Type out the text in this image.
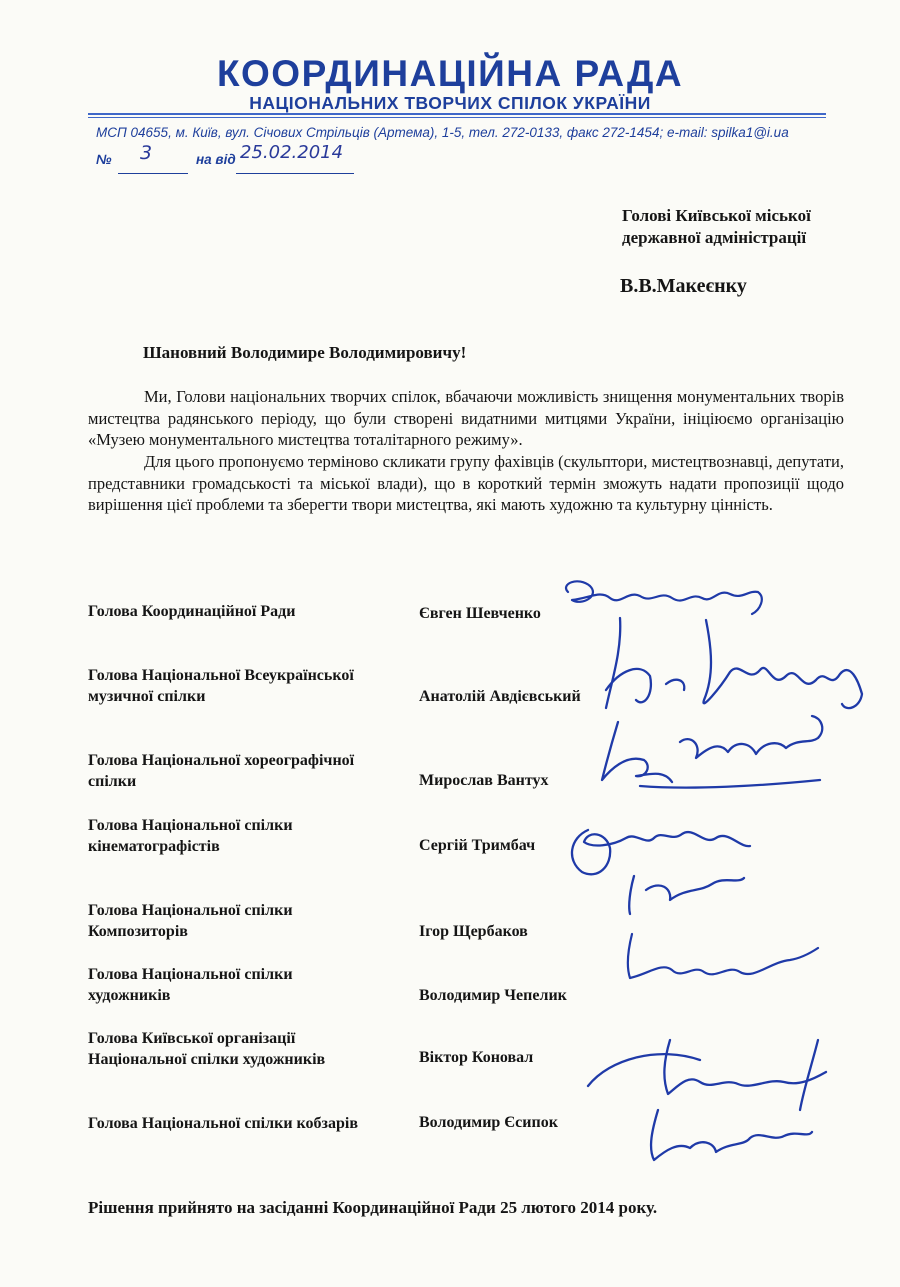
КООРДИНАЦІЙНА РАДА
НАЦІОНАЛЬНИХ ТВОРЧИХ СПІЛОК УКРАЇНИ
МСП 04655, м. Київ, вул. Січових Стрільців (Артема), 1-5, тел. 272-0133, факс 272-1454; e-mail: spilka1@i.ua
№ 3	на від 25.02.2014
Голові Київської міської
державної адміністрації
В.В.Макеєнку
Шановний Володимире Володимировичу!

Ми, Голови національних творчих спілок, вбачаючи можливість знищення монументальних творів мистецтва радянського періоду, що були створені видатними митцями України, ініціюємо організацію «Музею монументального мистецтва тоталітарного режиму».

Для цього пропонуємо терміново скликати групу фахівців (скульптори, мистецтвознавці, депутати, представники громадськості та міської влади), що в короткий термін зможуть надати пропозиції щодо вирішення цієї проблеми та зберегти твори мистецтва, які мають художню та культурну цінність.

Голова Координаційної Ради	Євген Шевченко
Голова Національної Всеукраїнської
музичної спілки	Анатолій Авдієвський
Голова Національної хореографічної
спілки	Мирослав Вантух
Голова Національної спілки
кінематографістів	Сергій Тримбач
Голова Національної спілки
Композиторів	Ігор Щербаков
Голова Національної спілки
художників	Володимир Чепелик
Голова Київської організації
Національної спілки художників	Віктор Коновал
Голова Національної спілки кобзарів	Володимир Єсипок
Рішення прийнято на засіданні Координаційної Ради 25 лютого 2014 року.
